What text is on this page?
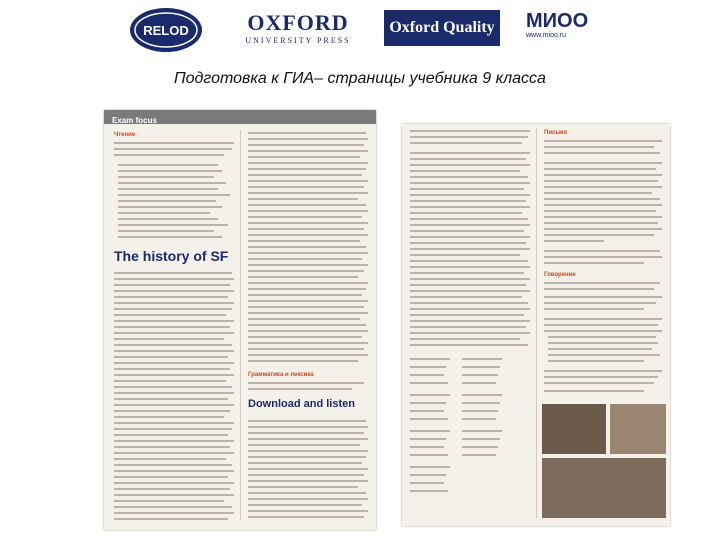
RELOD	OXFORD
UNIVERSITY PRESS
Oxford Quality МИОО
www.mioo.ru
Подготовка к ГИА– страницы учебника 9 класса
Exam focus
Чтение
The history of SF
Грамматика и лексика
Download and listen
Письмо
Говорение
